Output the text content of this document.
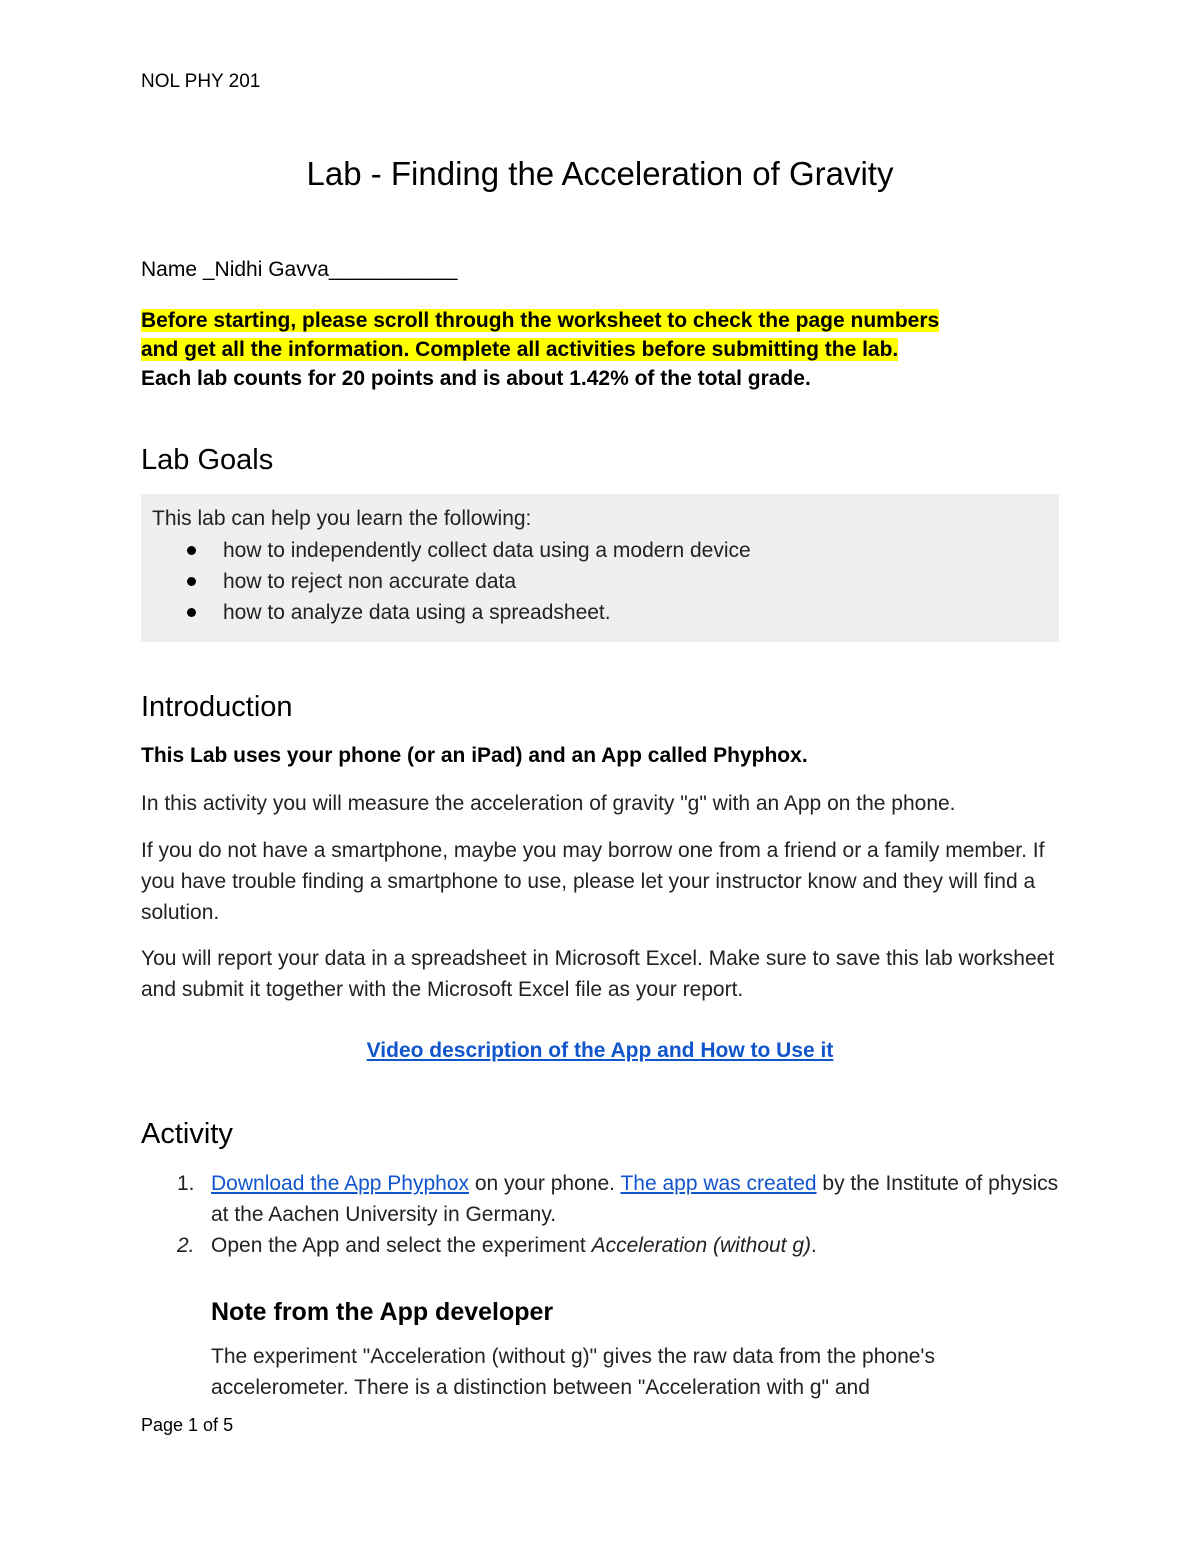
NOL PHY 201
Lab - Finding the Acceleration of Gravity
Name _Nidhi Gavva___________
Before starting, please scroll through the worksheet to check the page numbers
and get all the information. Complete all activities before submitting the lab.
Each lab counts for 20 points and is about 1.42% of the total grade.
Lab Goals
This lab can help you learn the following:
how to independently collect data using a modern device
how to reject non accurate data
how to analyze data using a spreadsheet.
Introduction
This Lab uses your phone (or an iPad) and an App called Phyphox.
In this activity you will measure the acceleration of gravity "g" with an App on the phone.
If you do not have a smartphone, maybe you may borrow one from a friend or a family member. If you have trouble finding a smartphone to use, please let your instructor know and they will find a solution.
You will report your data in a spreadsheet in Microsoft Excel. Make sure to save this lab worksheet and submit it together with the Microsoft Excel file as your report.
Video description of the App and How to Use it
Activity
1. Download the App Phyphox on your phone. The app was created by the Institute of physics at the Aachen University in Germany.
2. Open the App and select the experiment Acceleration (without g).
Note from the App developer
The experiment "Acceleration (without g)" gives the raw data from the phone's accelerometer. There is a distinction between "Acceleration with g" and
Page 1 of 5
